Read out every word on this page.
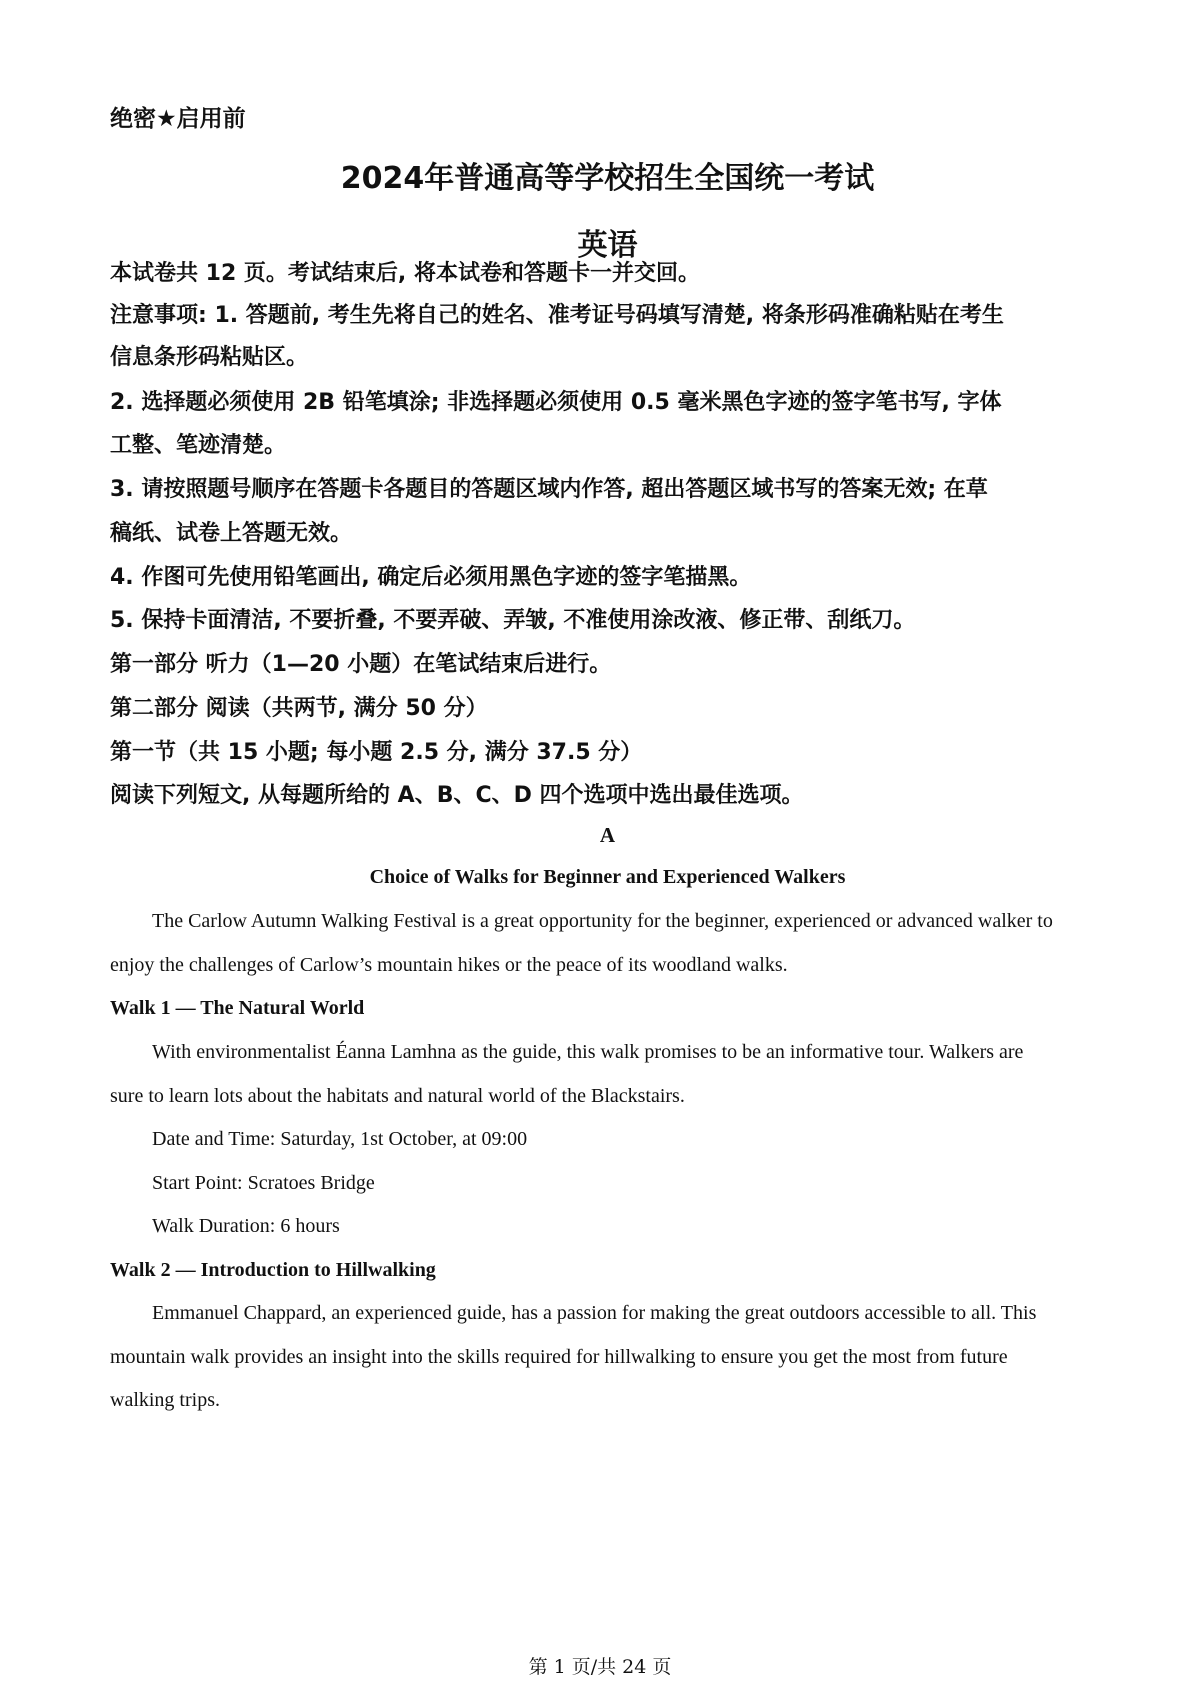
绝密★启用前
2024年普通高等学校招生全国统一考试
英语
本试卷共 12 页。考试结束后, 将本试卷和答题卡一并交回。
注意事项: 1. 答题前, 考生先将自己的姓名、准考证号码填写清楚, 将条形码准确粘贴在考生
信息条形码粘贴区。
2. 选择题必须使用 2B 铅笔填涂; 非选择题必须使用 0.5 毫米黑色字迹的签字笔书写, 字体
工整、笔迹清楚。
3. 请按照题号顺序在答题卡各题目的答题区域内作答, 超出答题区域书写的答案无效; 在草
稿纸、试卷上答题无效。
4. 作图可先使用铅笔画出, 确定后必须用黑色字迹的签字笔描黑。
5. 保持卡面清洁, 不要折叠, 不要弄破、弄皱, 不准使用涂改液、修正带、刮纸刀。
第一部分 听力（1—20 小题）在笔试结束后进行。
第二部分 阅读（共两节, 满分 50 分）
第一节（共 15 小题; 每小题 2.5 分, 满分 37.5 分）
阅读下列短文, 从每题所给的 A、B、C、D 四个选项中选出最佳选项。
A
Choice of Walks for Beginner and Experienced Walkers
The Carlow Autumn Walking Festival is a great opportunity for the beginner, experienced or advanced walker to
enjoy the challenges of Carlow’s mountain hikes or the peace of its woodland walks.
Walk 1 — The Natural World
With environmentalist Éanna Lamhna as the guide, this walk promises to be an informative tour. Walkers are
sure to learn lots about the habitats and natural world of the Blackstairs.
Date and Time: Saturday, 1st October, at 09:00
Start Point: Scratoes Bridge
Walk Duration: 6 hours
Walk 2 — Introduction to Hillwalking
Emmanuel Chappard, an experienced guide, has a passion for making the great outdoors accessible to all. This
mountain walk provides an insight into the skills required for hillwalking to ensure you get the most from future
walking trips.
第 1 页/共 24 页
